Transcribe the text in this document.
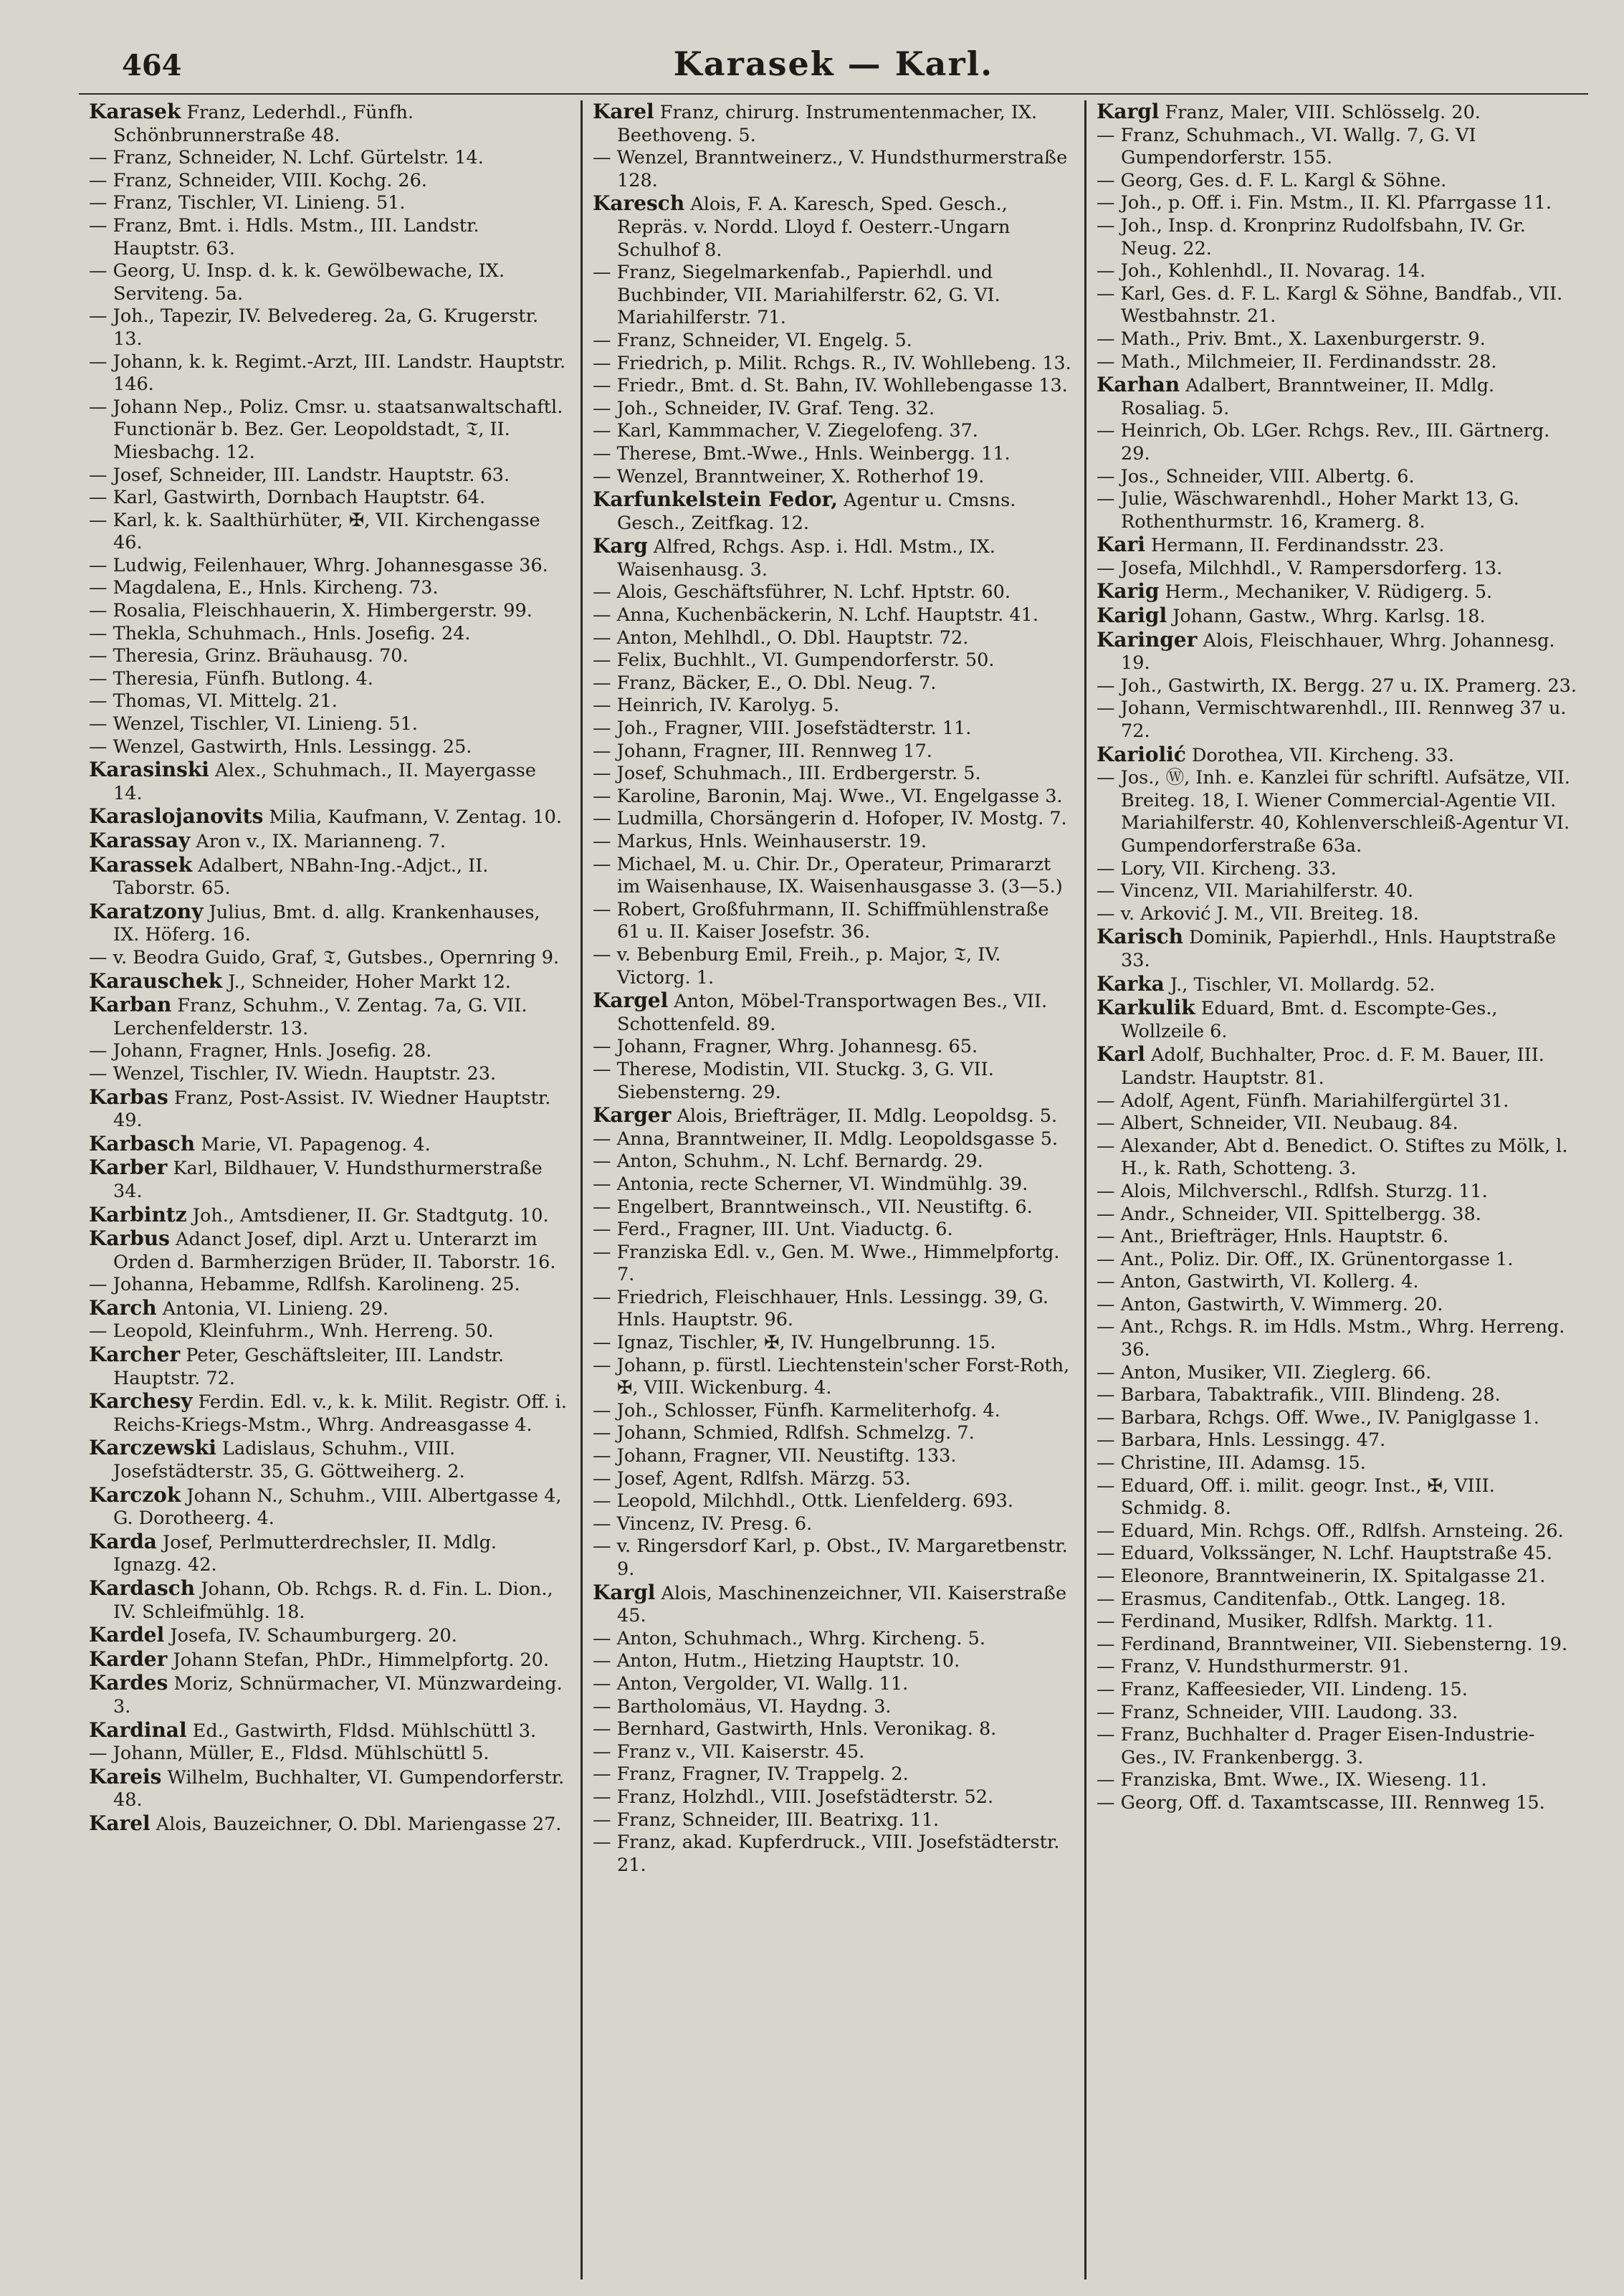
464	Karasek — Karl.

Karasek Franz, Lederhdl., Fünfh. Schönbrunnerstraße 48.

— Franz, Schneider, N. Lchf. Gürtelstr. 14.

— Franz, Schneider, VIII. Kochg. 26.

— Franz, Tischler, VI. Linieng. 51.

— Franz, Bmt. i. Hdls. Mstm., III. Landstr. Hauptstr. 63.

— Georg, U. Insp. d. k. k. Gewölbewache, IX. Serviteng. 5a.

— Joh., Tapezir, IV. Belvedereg. 2a, G. Krugerstr. 13.

— Johann, k. k. Regimt.-Arzt, III. Landstr. Hauptstr. 146.

— Johann Nep., Poliz. Cmsr. u. staatsanwaltschaftl. Functionär b. Bez. Ger. Leopoldstadt, 𝔗, II. Miesbachg. 12.

— Josef, Schneider, III. Landstr. Hauptstr. 63.

— Karl, Gastwirth, Dornbach Hauptstr. 64.

— Karl, k. k. Saalthürhüter, ✠, VII. Kirchengasse 46.

— Ludwig, Feilenhauer, Whrg. Johannesgasse 36.

— Magdalena, E., Hnls. Kircheng. 73.

— Rosalia, Fleischhauerin, X. Himbergerstr. 99.

— Thekla, Schuhmach., Hnls. Josefig. 24.

— Theresia, Grinz. Bräuhausg. 70.

— Theresia, Fünfh. Butlong. 4.

— Thomas, VI. Mittelg. 21.

— Wenzel, Tischler, VI. Linieng. 51.

— Wenzel, Gastwirth, Hnls. Lessingg. 25.

Karasinski Alex., Schuhmach., II. Mayergasse 14.

Karaslojanovits Milia, Kaufmann, V. Zentag. 10.

Karassay Aron v., IX. Marianneng. 7.

Karassek Adalbert, NBahn-Ing.-Adjct., II. Taborstr. 65.

Karatzony Julius, Bmt. d. allg. Krankenhauses, IX. Höferg. 16.

— v. Beodra Guido, Graf, 𝔗, Gutsbes., Opernring 9.

Karauschek J., Schneider, Hoher Markt 12.

Karban Franz, Schuhm., V. Zentag. 7a, G. VII. Lerchenfelderstr. 13.

— Johann, Fragner, Hnls. Josefig. 28.

— Wenzel, Tischler, IV. Wiedn. Hauptstr. 23.

Karbas Franz, Post-Assist. IV. Wiedner Hauptstr. 49.

Karbasch Marie, VI. Papagenog. 4.

Karber Karl, Bildhauer, V. Hundsthurmerstraße 34.

Karbintz Joh., Amtsdiener, II. Gr. Stadtgutg. 10.

Karbus Adanct Josef, dipl. Arzt u. Unterarzt im Orden d. Barmherzigen Brüder, II. Taborstr. 16.

— Johanna, Hebamme, Rdlfsh. Karolineng. 25.

Karch Antonia, VI. Linieng. 29.

— Leopold, Kleinfuhrm., Wnh. Herreng. 50.

Karcher Peter, Geschäftsleiter, III. Landstr. Hauptstr. 72.

Karchesy Ferdin. Edl. v., k. k. Milit. Registr. Off. i. Reichs-Kriegs-Mstm., Whrg. Andreasgasse 4.

Karczewski Ladislaus, Schuhm., VIII. Josefstädterstr. 35, G. Göttweiherg. 2.

Karczok Johann N., Schuhm., VIII. Albertgasse 4, G. Dorotheerg. 4.

Karda Josef, Perlmutterdrechsler, II. Mdlg. Ignazg. 42.

Kardasch Johann, Ob. Rchgs. R. d. Fin. L. Dion., IV. Schleifmühlg. 18.

Kardel Josefa, IV. Schaumburgerg. 20.

Karder Johann Stefan, PhDr., Himmelpfortg. 20.

Kardes Moriz, Schnürmacher, VI. Münzwardeing. 3.

Kardinal Ed., Gastwirth, Fldsd. Mühlschüttl 3.

— Johann, Müller, E., Fldsd. Mühlschüttl 5.

Kareis Wilhelm, Buchhalter, VI. Gumpendorferstr. 48.

Karel Alois, Bauzeichner, O. Dbl. Mariengasse 27.

Karel Franz, chirurg. Instrumentenmacher, IX. Beethoveng. 5.

— Wenzel, Branntweinerz., V. Hundsthurmerstraße 128.

Karesch Alois, F. A. Karesch, Sped. Gesch., Repräs. v. Nordd. Lloyd f. Oesterr.-Ungarn Schulhof 8.

— Franz, Siegelmarkenfab., Papierhdl. und Buchbinder, VII. Mariahilferstr. 62, G. VI. Mariahilferstr. 71.

— Franz, Schneider, VI. Engelg. 5.

— Friedrich, p. Milit. Rchgs. R., IV. Wohllebeng. 13.

— Friedr., Bmt. d. St. Bahn, IV. Wohllebengasse 13.

— Joh., Schneider, IV. Graf. Teng. 32.

— Karl, Kammmacher, V. Ziegelofeng. 37.

— Therese, Bmt.-Wwe., Hnls. Weinbergg. 11.

— Wenzel, Branntweiner, X. Rotherhof 19.

Karfunkelstein Fedor, Agentur u. Cmsns. Gesch., Zeitfkag. 12.

Karg Alfred, Rchgs. Asp. i. Hdl. Mstm., IX. Waisenhausg. 3.

— Alois, Geschäftsführer, N. Lchf. Hptstr. 60.

— Anna, Kuchenbäckerin, N. Lchf. Hauptstr. 41.

— Anton, Mehlhdl., O. Dbl. Hauptstr. 72.

— Felix, Buchhlt., VI. Gumpendorferstr. 50.

— Franz, Bäcker, E., O. Dbl. Neug. 7.

— Heinrich, IV. Karolyg. 5.

— Joh., Fragner, VIII. Josefstädterstr. 11.

— Johann, Fragner, III. Rennweg 17.

— Josef, Schuhmach., III. Erdbergerstr. 5.

— Karoline, Baronin, Maj. Wwe., VI. Engelgasse 3.

— Ludmilla, Chorsängerin d. Hofoper, IV. Mostg. 7.

— Markus, Hnls. Weinhauserstr. 19.

— Michael, M. u. Chir. Dr., Operateur, Primararzt im Waisenhause, IX. Waisenhausgasse 3. (3—5.)

— Robert, Großfuhrmann, II. Schiffmühlenstraße 61 u. II. Kaiser Josefstr. 36.

— v. Bebenburg Emil, Freih., p. Major, 𝔗, IV. Victorg. 1.

Kargel Anton, Möbel-Transportwagen Bes., VII. Schottenfeld. 89.

— Johann, Fragner, Whrg. Johannesg. 65.

— Therese, Modistin, VII. Stuckg. 3, G. VII. Siebensterng. 29.

Karger Alois, Briefträger, II. Mdlg. Leopoldsg. 5.

— Anna, Branntweiner, II. Mdlg. Leopoldsgasse 5.

— Anton, Schuhm., N. Lchf. Bernardg. 29.

— Antonia, recte Scherner, VI. Windmühlg. 39.

— Engelbert, Branntweinsch., VII. Neustiftg. 6.

— Ferd., Fragner, III. Unt. Viaductg. 6.

— Franziska Edl. v., Gen. M. Wwe., Himmelpfortg. 7.

— Friedrich, Fleischhauer, Hnls. Lessingg. 39, G. Hnls. Hauptstr. 96.

— Ignaz, Tischler, ✠, IV. Hungelbrunng. 15.

— Johann, p. fürstl. Liechtenstein'scher Forst-Roth, ✠, VIII. Wickenburg. 4.

— Joh., Schlosser, Fünfh. Karmeliterhofg. 4.

— Johann, Schmied, Rdlfsh. Schmelzg. 7.

— Johann, Fragner, VII. Neustiftg. 133.

— Josef, Agent, Rdlfsh. Märzg. 53.

— Leopold, Milchhdl., Ottk. Lienfelderg. 693.

— Vincenz, IV. Presg. 6.

— v. Ringersdorf Karl, p. Obst., IV. Margaretbenstr. 9.

Kargl Alois, Maschinenzeichner, VII. Kaiserstraße 45.

— Anton, Schuhmach., Whrg. Kircheng. 5.

— Anton, Hutm., Hietzing Hauptstr. 10.

— Anton, Vergolder, VI. Wallg. 11.

— Bartholomäus, VI. Haydng. 3.

— Bernhard, Gastwirth, Hnls. Veronikag. 8.

— Franz v., VII. Kaiserstr. 45.

— Franz, Fragner, IV. Trappelg. 2.

— Franz, Holzhdl., VIII. Josefstädterstr. 52.

— Franz, Schneider, III. Beatrixg. 11.

— Franz, akad. Kupferdruck., VIII. Josefstädterstr. 21.

Kargl Franz, Maler, VIII. Schlösselg. 20.

— Franz, Schuhmach., VI. Wallg. 7, G. VI Gumpendorferstr. 155.

— Georg, Ges. d. F. L. Kargl & Söhne.

— Joh., p. Off. i. Fin. Mstm., II. Kl. Pfarrgasse 11.

— Joh., Insp. d. Kronprinz Rudolfsbahn, IV. Gr. Neug. 22.

— Joh., Kohlenhdl., II. Novarag. 14.

— Karl, Ges. d. F. L. Kargl & Söhne, Bandfab., VII. Westbahnstr. 21.

— Math., Priv. Bmt., X. Laxenburgerstr. 9.

— Math., Milchmeier, II. Ferdinandsstr. 28.

Karhan Adalbert, Branntweiner, II. Mdlg. Rosaliag. 5.

— Heinrich, Ob. LGer. Rchgs. Rev., III. Gärtnerg. 29.

— Jos., Schneider, VIII. Albertg. 6.

— Julie, Wäschwarenhdl., Hoher Markt 13, G. Rothenthurmstr. 16, Kramerg. 8.

Kari Hermann, II. Ferdinandsstr. 23.

— Josefa, Milchhdl., V. Rampersdorferg. 13.

Karig Herm., Mechaniker, V. Rüdigerg. 5.

Karigl Johann, Gastw., Whrg. Karlsg. 18.

Karinger Alois, Fleischhauer, Whrg. Johannesg. 19.

— Joh., Gastwirth, IX. Bergg. 27 u. IX. Pramerg. 23.

— Johann, Vermischtwarenhdl., III. Rennweg 37 u. 72.

Kariolić Dorothea, VII. Kircheng. 33.

— Jos., Ⓦ, Inh. e. Kanzlei für schriftl. Aufsätze, VII. Breiteg. 18, I. Wiener Commercial-Agentie VII. Mariahilferstr. 40, Kohlenverschleiß-Agentur VI. Gumpendorferstraße 63a.

— Lory, VII. Kircheng. 33.

— Vincenz, VII. Mariahilferstr. 40.

— v. Arković J. M., VII. Breiteg. 18.

Karisch Dominik, Papierhdl., Hnls. Hauptstraße 33.

Karka J., Tischler, VI. Mollardg. 52.

Karkulik Eduard, Bmt. d. Escompte-Ges., Wollzeile 6.

Karl Adolf, Buchhalter, Proc. d. F. M. Bauer, III. Landstr. Hauptstr. 81.

— Adolf, Agent, Fünfh. Mariahilfergürtel 31.

— Albert, Schneider, VII. Neubaug. 84.

— Alexander, Abt d. Benedict. O. Stiftes zu Mölk, l. H., k. Rath, Schotteng. 3.

— Alois, Milchverschl., Rdlfsh. Sturzg. 11.

— Andr., Schneider, VII. Spittelbergg. 38.

— Ant., Briefträger, Hnls. Hauptstr. 6.

— Ant., Poliz. Dir. Off., IX. Grünentorgasse 1.

— Anton, Gastwirth, VI. Kollerg. 4.

— Anton, Gastwirth, V. Wimmerg. 20.

— Ant., Rchgs. R. im Hdls. Mstm., Whrg. Herreng. 36.

— Anton, Musiker, VII. Zieglerg. 66.

— Barbara, Tabaktrafik., VIII. Blindeng. 28.

— Barbara, Rchgs. Off. Wwe., IV. Paniglgasse 1.

— Barbara, Hnls. Lessingg. 47.

— Christine, III. Adamsg. 15.

— Eduard, Off. i. milit. geogr. Inst., ✠, VIII. Schmidg. 8.

— Eduard, Min. Rchgs. Off., Rdlfsh. Arnsteing. 26.

— Eduard, Volkssänger, N. Lchf. Hauptstraße 45.

— Eleonore, Branntweinerin, IX. Spitalgasse 21.

— Erasmus, Canditenfab., Ottk. Langeg. 18.

— Ferdinand, Musiker, Rdlfsh. Marktg. 11.

— Ferdinand, Branntweiner, VII. Siebensterng. 19.

— Franz, V. Hundsthurmerstr. 91.

— Franz, Kaffeesieder, VII. Lindeng. 15.

— Franz, Schneider, VIII. Laudong. 33.

— Franz, Buchhalter d. Prager Eisen-Industrie-Ges., IV. Frankenbergg. 3.

— Franziska, Bmt. Wwe., IX. Wieseng. 11.

— Georg, Off. d. Taxamtscasse, III. Rennweg 15.
